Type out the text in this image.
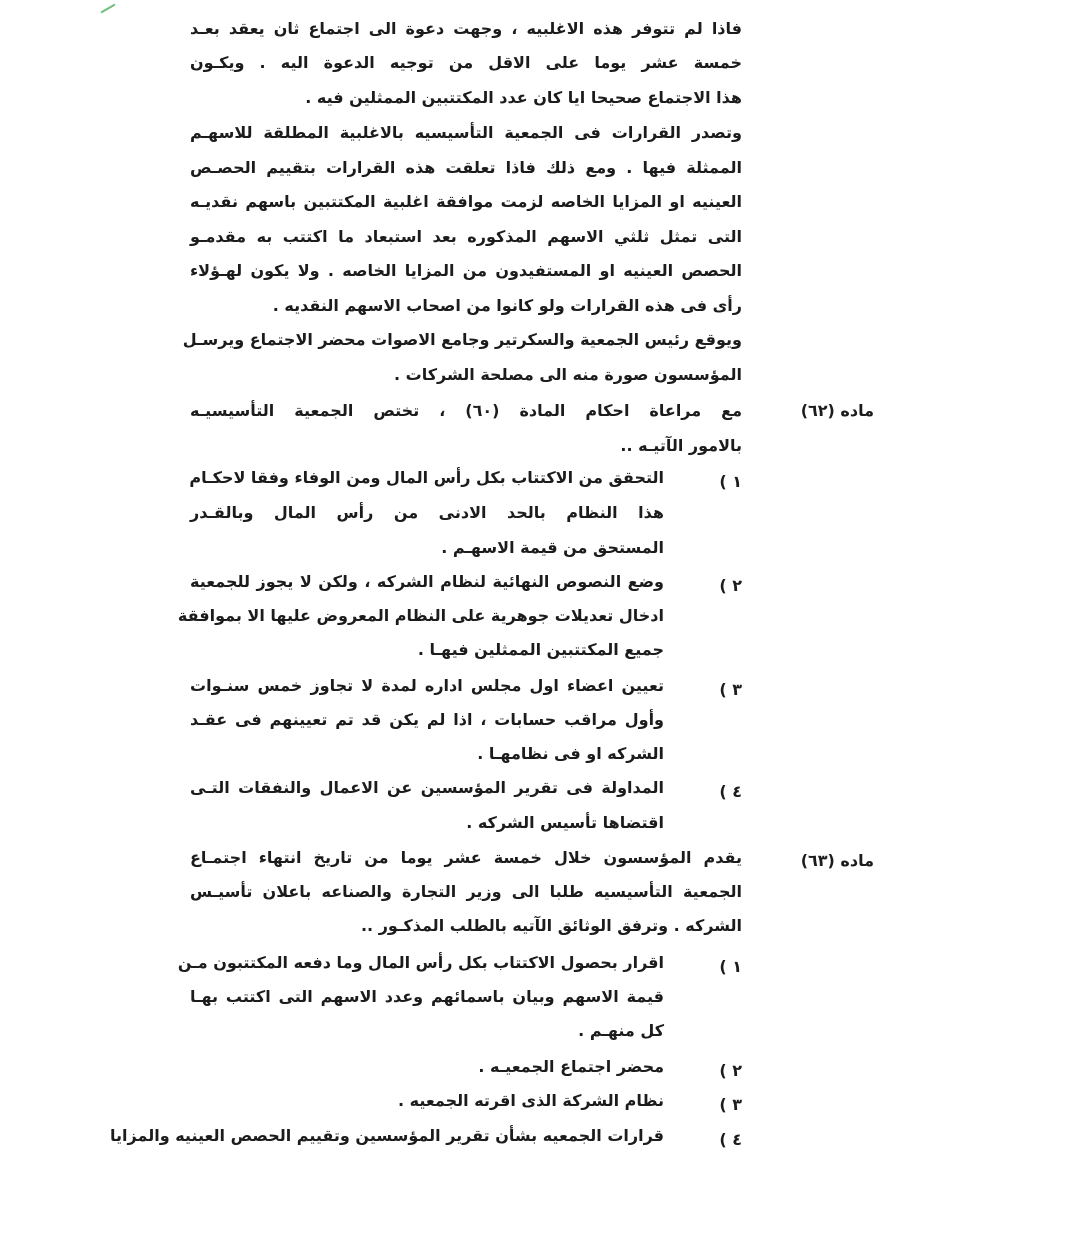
فاذا لم تتوفر هذه الاغلبيه ، وجهت دعوة الى اجتماع ثان يعقد بعـد
خمسة عشر يوما على الاقل من توجيه الدعوة اليه . ويكـون
هذا الاجتماع صحيحا ايا كان عدد المكتتبين الممثلين فيه .
وتصدر القرارات فى الجمعية التأسيسيه بالاغلبية المطلقة للاسهـم
الممثلة فيها . ومع ذلك فاذا تعلقت هذه القرارات بتقييم الحصـص
العينيه او المزايا الخاصه لزمت موافقة اغلبية المكتتبين باسهم نقديـه
التى تمثل ثلثي الاسهم المذكوره بعد استبعاد ما اكتتب به مقدمـو
الحصص العينيه او المستفيدون من المزايا الخاصه . ولا يكون لهـؤلاء
رأى فى هذه القرارات ولو كانوا من اصحاب الاسهم النقديه .
ويوقع رئيس الجمعية والسكرتير وجامع الاصوات محضر الاجتماع ويرسـل
المؤسسون صورة منه الى مصلحة الشركات .
ماده (٦٢)
مع مراعاة احكام المادة (٦٠) ، تختص الجمعية التأسيسيـه
بالامور الآتيـه ..
١ )
التحقق من الاكتتاب بكل رأس المال ومن الوفاء وفقا لاحكـام
هذا النظام بالحد الادنى من رأس المال وبالقـدر
المستحق من قيمة الاسهـم .
٢ )
وضع النصوص النهائية لنظام الشركه ، ولكن لا يجوز للجمعية
ادخال تعديلات جوهرية على النظام المعروض عليها الا بموافقة
جميع المكتتبين الممثلين فيهـا .
٣ )
تعيين اعضاء اول مجلس اداره لمدة لا تجاوز خمس سنـوات
وأول مراقب حسابات ، اذا لم يكن قد تم تعيينهم فى عقـد
الشركه او فى نظامهـا .
٤ )
المداولة فى تقرير المؤسسين عن الاعمال والنفقات التـى
اقتضاها تأسيس الشركه .
ماده (٦٣)
يقدم المؤسسون خلال خمسة عشر يوما من تاريخ انتهاء اجتمـاع
الجمعية التأسيسيه طلبا الى وزير التجارة والصناعه باعلان تأسيـس
الشركه . وترفق الوثائق الآتيه بالطلب المذكـور ..
١ )
اقرار بحصول الاكتتاب بكل رأس المال وما دفعه المكتتبون مـن
قيمة الاسهم وبيان باسمائهم وعدد الاسهم التى اكتتب بهـا
كل منهـم .
٢ )
محضر اجتماع الجمعيـه .
٣ )
نظام الشركة الذى اقرته الجمعيه .
٤ )
قرارات الجمعيه بشأن تقرير المؤسسين وتقييم الحصص العينيه والمزايا
